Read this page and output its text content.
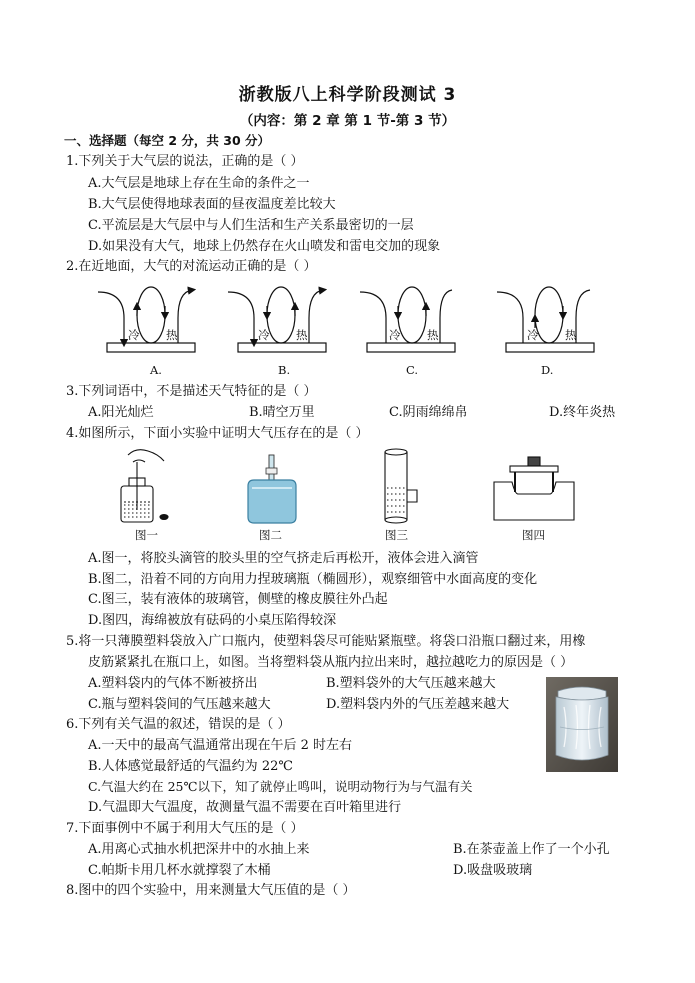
浙教版八上科学阶段测试 3
（内容：第 2 章 第 1 节-第 3 节）
一、选择题（每空 2 分，共 30 分）
1.下列关于大气层的说法，正确的是（ ）
A.大气层是地球上存在生命的条件之一
B.大气层使得地球表面的昼夜温度差比较大
C.平流层是大气层中与人们生活和生产关系最密切的一层
D.如果没有大气，地球上仍然存在火山喷发和雷电交加的现象
2.在近地面，大气的对流运动正确的是（ ）
冷 热	冷 热	冷 热	冷 热
A.	B.	C.	D.
3.下列词语中，不是描述天气特征的是（ ）
A.阳光灿烂	B.晴空万里	C.阴雨绵绵帛	D.终年炎热
4.如图所示，下面小实验中证明大气压存在的是（ ）
图一	图二	图三	图四
A.图一，将胶头滴管的胶头里的空气挤走后再松开，液体会进入滴管
B.图二，沿着不同的方向用力捏玻璃瓶（椭圆形），观察细管中水面高度的变化
C.图三，装有液体的玻璃管，侧壁的橡皮膜往外凸起
D.图四，海绵被放有砝码的小桌压陷得较深
5.将一只薄膜塑料袋放入广口瓶内，使塑料袋尽可能贴紧瓶壁。将袋口沿瓶口翻过来，用橡
皮筋紧紧扎在瓶口上，如图。当将塑料袋从瓶内拉出来时，越拉越吃力的原因是（ ）
A.塑料袋内的气体不断被挤出	B.塑料袋外的大气压越来越大
C.瓶与塑料袋间的气压越来越大	D.塑料袋内外的气压差越来越大
6.下列有关气温的叙述，错误的是（ ）
A.一天中的最高气温通常出现在午后 2 时左右
B.人体感觉最舒适的气温约为 22℃
C.气温大约在 25℃以下，知了就停止鸣叫，说明动物行为与气温有关
D.气温即大气温度，故测量气温不需要在百叶箱里进行
7.下面事例中不属于利用大气压的是（ ）
A.用离心式抽水机把深井中的水抽上来	B.在茶壶盖上作了一个小孔
C.帕斯卡用几杯水就撑裂了木桶	D.吸盘吸玻璃
8.图中的四个实验中，用来测量大气压值的是（ ）
